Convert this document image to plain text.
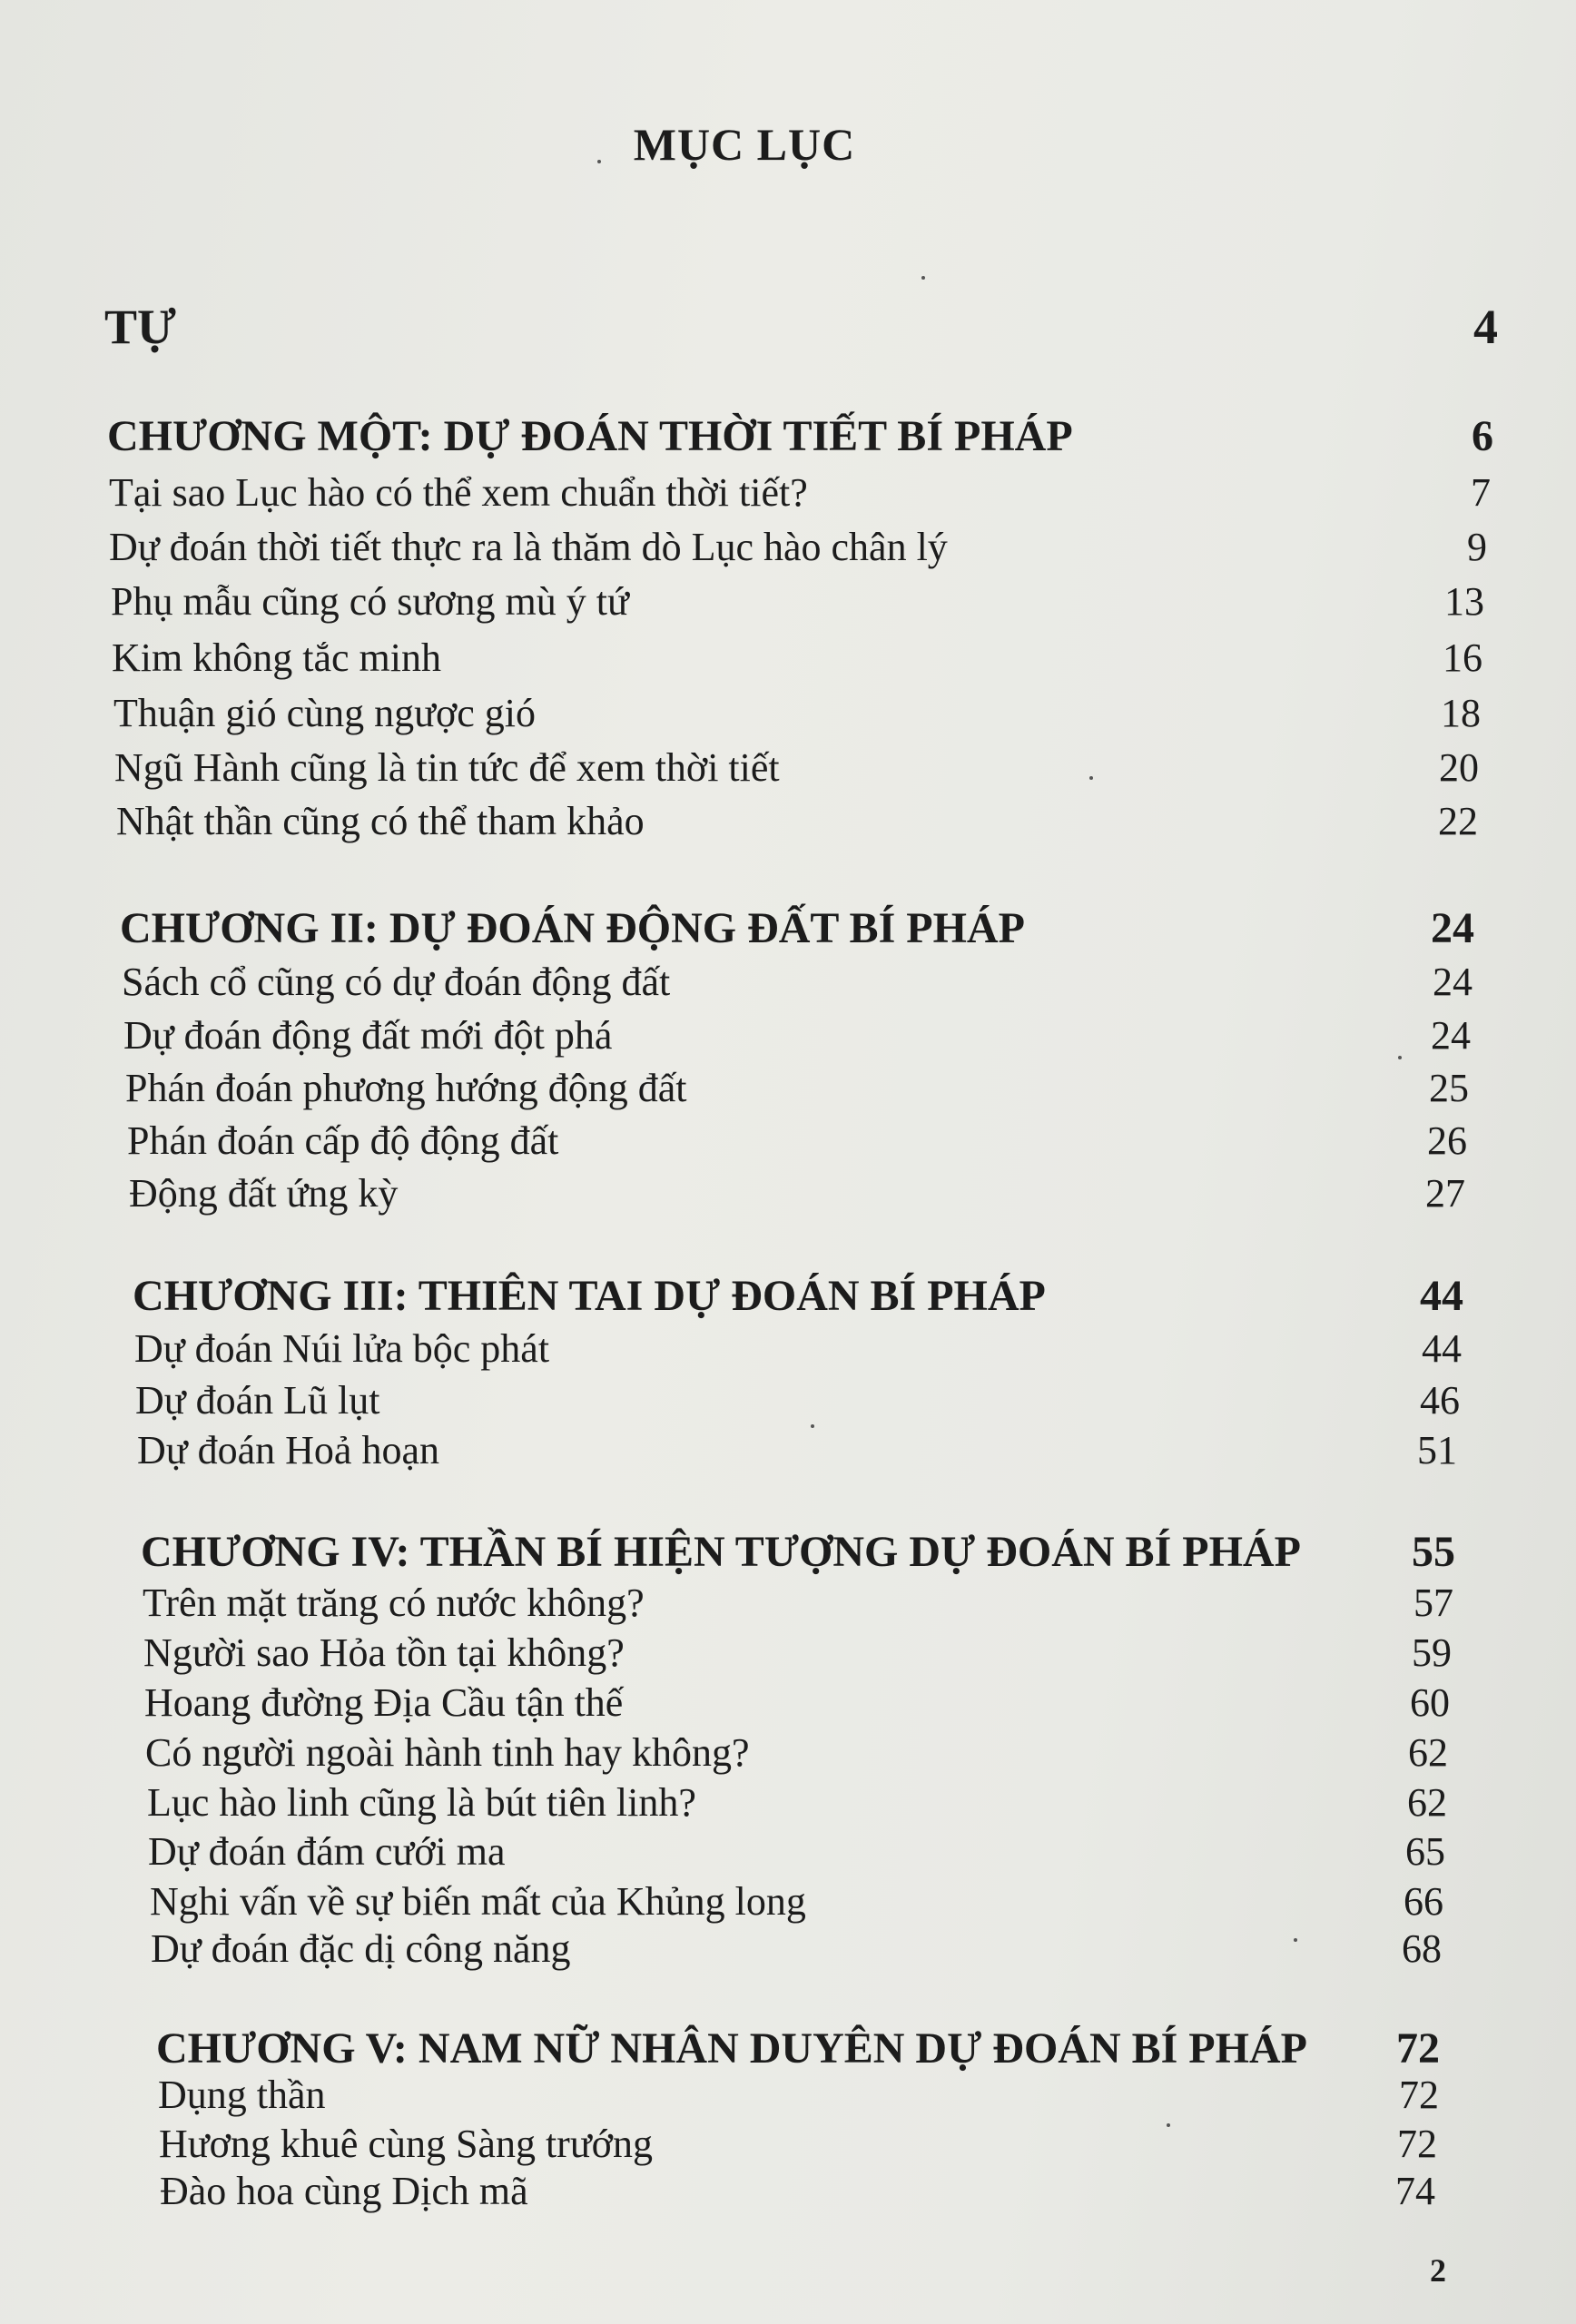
MỤC LỤC
TỰ	4
CHƯƠNG MỘT: DỰ ĐOÁN THỜI TIẾT BÍ PHÁP	6
Tại sao Lục hào có thể xem chuẩn thời tiết?	7
Dự đoán thời tiết thực ra là thăm dò Lục hào chân lý	9
Phụ mẫu cũng có sương mù ý tứ	13
Kim không tắc minh	16
Thuận gió cùng ngược gió	18
Ngũ Hành cũng là tin tức để xem thời tiết	20
Nhật thần cũng có thể tham khảo	22
CHƯƠNG II: DỰ ĐOÁN ĐỘNG ĐẤT BÍ PHÁP	24
Sách cổ cũng có dự đoán động đất	24
Dự đoán động đất mới đột phá	24
Phán đoán phương hướng động đất	25
Phán đoán cấp độ động đất	26
Động đất ứng kỳ	27
CHƯƠNG III: THIÊN TAI DỰ ĐOÁN BÍ PHÁP	44
Dự đoán Núi lửa bộc phát	44
Dự đoán Lũ lụt	46
Dự đoán Hoả hoạn	51
CHƯƠNG IV: THẦN BÍ HIỆN TƯỢNG DỰ ĐOÁN BÍ PHÁP	55
Trên mặt trăng có nước không?	57
Người sao Hỏa tồn tại không?	59
Hoang đường Địa Cầu tận thế	60
Có người ngoài hành tinh hay không?	62
Lục hào linh cũng là bút tiên linh?	62
Dự đoán đám cưới ma	65
Nghi vấn về sự biến mất của Khủng long	66
Dự đoán đặc dị công năng	68
CHƯƠNG V: NAM NỮ NHÂN DUYÊN DỰ ĐOÁN BÍ PHÁP 72
Dụng thần	72
Hương khuê cùng Sàng trướng	72
Đào hoa cùng Dịch mã	74
2
